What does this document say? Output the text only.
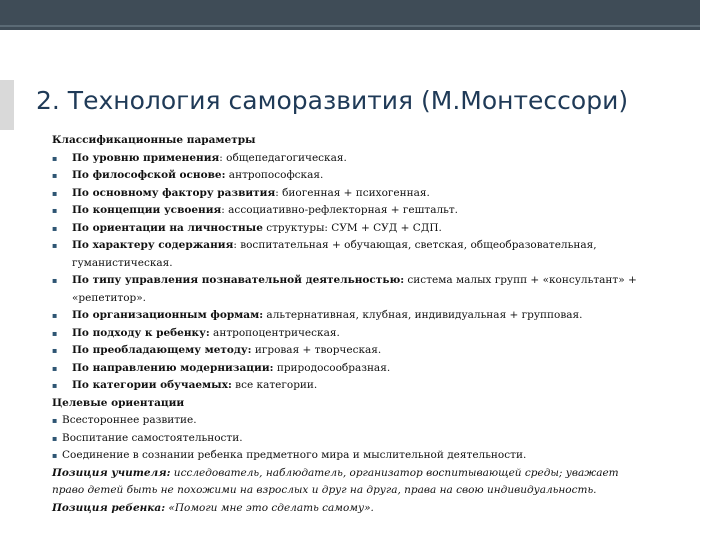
2. Технология саморазвития (М.Монтессори)

Классификационные параметры

▪	По уровню применения: общепедагогическая.

▪	По философской основе: антропософская.

▪	По основному фактору развития: биогенная + психогенная.

▪	По концепции усвоения: ассоциативно-рефлекторная + гештальт.

▪	По ориентации на личностные структуры: СУМ + СУД + СДП.

▪	По характеру содержания: воспитательная + обучающая, светская, общеобразовательная, гуманистическая.

▪	По типу управления познавательной деятельностью: система малых групп + «консультант» + «репетитор».

▪	По организационным формам: альтернативная, клубная, индивидуальная + групповая.

▪	По подходу к ребенку: антропоцентрическая.

▪	По преобладающему методу: игровая + творческая.

▪	По направлению модернизации: природосообразная.

▪	По категории обучаемых: все категории.

Целевые ориентации

▪ Всестороннее развитие.

▪ Воспитание самостоятельности.

▪ Соединение в сознании ребенка предметного мира и мыслительной деятельности.

Позиция учителя: исследователь, наблюдатель, организатор воспитывающей среды; уважает право детей быть не похожими на взрослых и друг на друга, права на свою индивидуальность.

Позиция ребенка: «Помоги мне это сделать самому».
